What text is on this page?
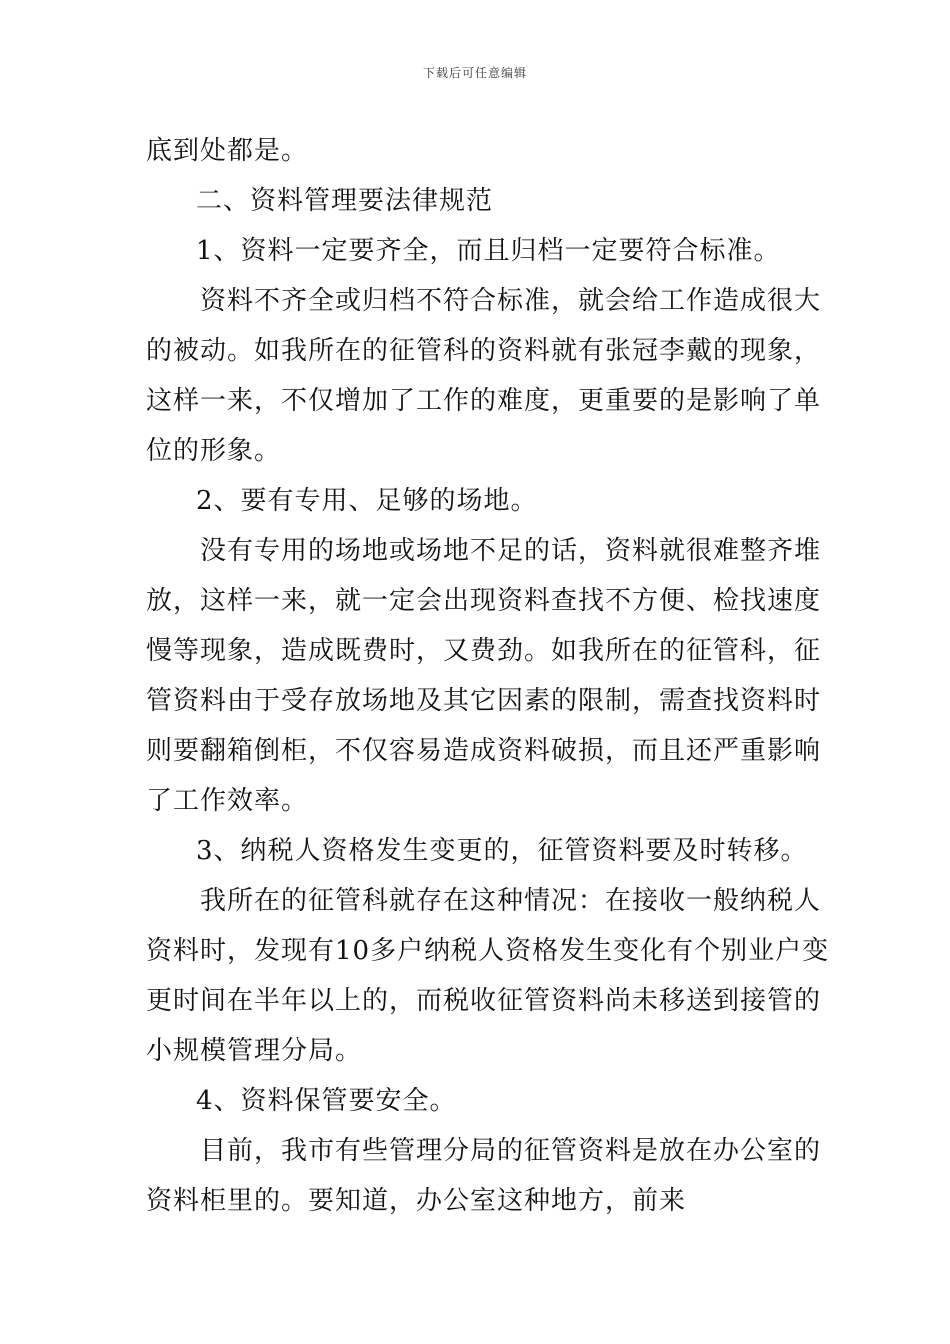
下载后可任意编辑
底到处都是。
二、资料管理要法律规范
1、资料一定要齐全，而且归档一定要符合标准。
资料不齐全或归档不符合标准，就会给工作造成很大
的被动。如我所在的征管科的资料就有张冠李戴的现象，
这样一来，不仅增加了工作的难度，更重要的是影响了单
位的形象。
2、要有专用、足够的场地。
没有专用的场地或场地不足的话，资料就很难整齐堆
放，这样一来，就一定会出现资料查找不方便、检找速度
慢等现象，造成既费时，又费劲。如我所在的征管科，征
管资料由于受存放场地及其它因素的限制，需查找资料时
则要翻箱倒柜，不仅容易造成资料破损，而且还严重影响
了工作效率。
3、纳税人资格发生变更的，征管资料要及时转移。
我所在的征管科就存在这种情况：在接收一般纳税人
资料时，发现有10多户纳税人资格发生变化有个别业户变
更时间在半年以上的，而税收征管资料尚未移送到接管的
小规模管理分局。
4、资料保管要安全。
目前，我市有些管理分局的征管资料是放在办公室的
资料柜里的。要知道，办公室这种地方，前来
